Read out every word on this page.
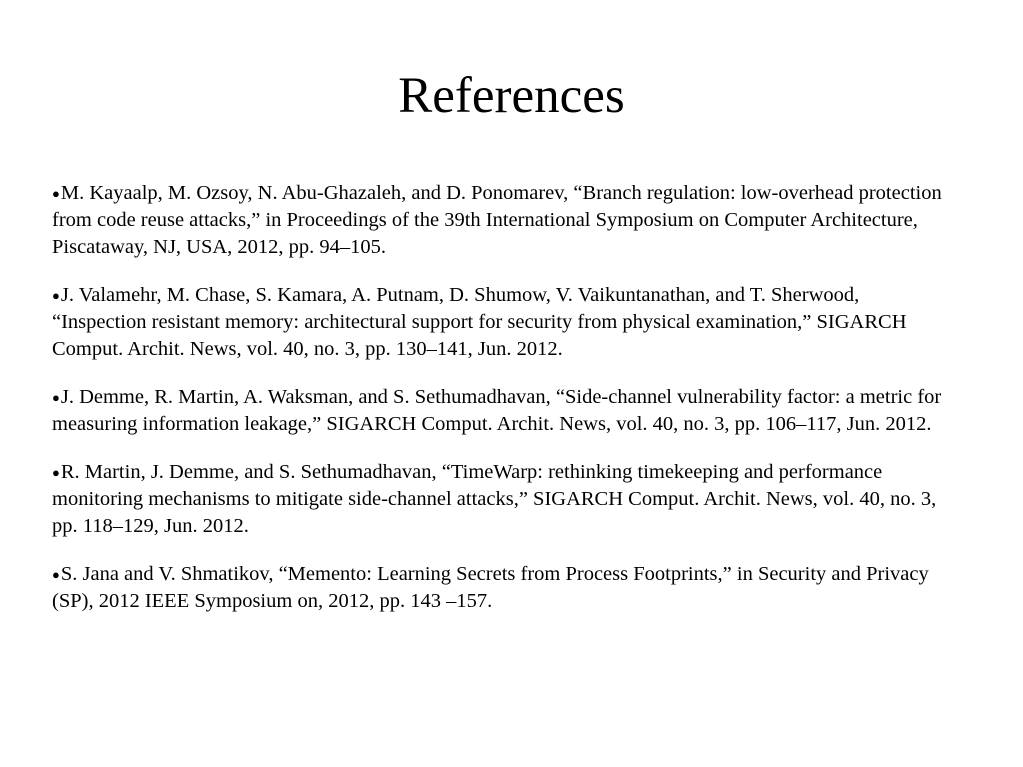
References
●M. Kayaalp, M. Ozsoy, N. Abu-Ghazaleh, and D. Ponomarev, “Branch regulation: low-overhead protection from code reuse attacks,” in Proceedings of the 39th International Symposium on Computer Architecture, Piscataway, NJ, USA, 2012, pp. 94–105.
●J. Valamehr, M. Chase, S. Kamara, A. Putnam, D. Shumow, V. Vaikuntanathan, and T. Sherwood, “Inspection resistant memory: architectural support for security from physical examination,” SIGARCH Comput. Archit. News, vol. 40, no. 3, pp. 130–141, Jun. 2012.
●J. Demme, R. Martin, A. Waksman, and S. Sethumadhavan, “Side-channel vulnerability factor: a metric for measuring information leakage,” SIGARCH Comput. Archit. News, vol. 40, no. 3, pp. 106–117, Jun. 2012.
●R. Martin, J. Demme, and S. Sethumadhavan, “TimeWarp: rethinking timekeeping and performance monitoring mechanisms to mitigate side-channel attacks,” SIGARCH Comput. Archit. News, vol. 40, no. 3, pp. 118–129, Jun. 2012.
●S. Jana and V. Shmatikov, “Memento: Learning Secrets from Process Footprints,” in Security and Privacy (SP), 2012 IEEE Symposium on, 2012, pp. 143 –157.
